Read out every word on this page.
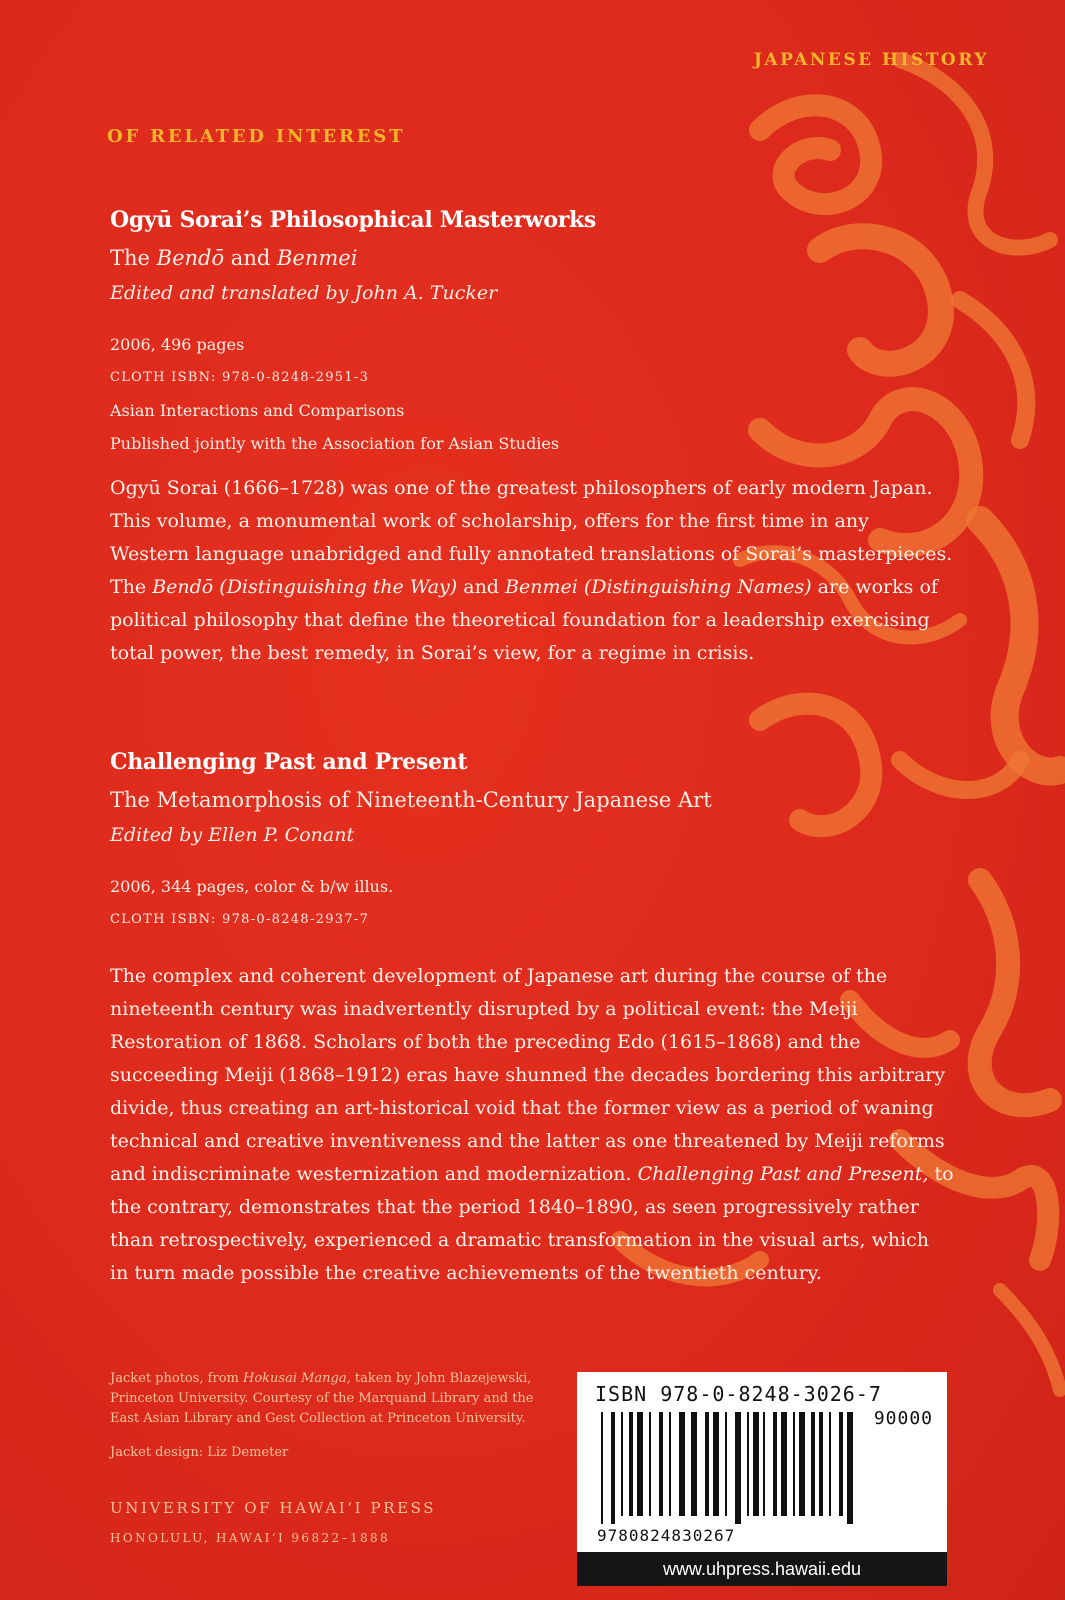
JAPANESE HISTORY
OF RELATED INTEREST

Ogyū Sorai’s Philosophical Masterworks

The Bendō and Benmei

Edited and translated by John A. Tucker

2006, 496 pages
CLOTH ISBN: 978-0-8248-2951-3
Asian Interactions and Comparisons
Published jointly with the Association for Asian Studies

Ogyū Sorai (1666–1728) was one of the greatest philosophers of early modern Japan.

This volume, a monumental work of scholarship, offers for the first time in any

Western language unabridged and fully annotated translations of Sorai’s masterpieces.

The Bendō (Distinguishing the Way) and Benmei (Distinguishing Names) are works of

political philosophy that define the theoretical foundation for a leadership exercising

total power, the best remedy, in Sorai’s view, for a regime in crisis.

Challenging Past and Present

The Metamorphosis of Nineteenth-Century Japanese Art

Edited by Ellen P. Conant

2006, 344 pages, color & b/w illus.
CLOTH ISBN: 978-0-8248-2937-7

The complex and coherent development of Japanese art during the course of the

nineteenth century was inadvertently disrupted by a political event: the Meiji

Restoration of 1868. Scholars of both the preceding Edo (1615–1868) and the

succeeding Meiji (1868–1912) eras have shunned the decades bordering this arbitrary

divide, thus creating an art-historical void that the former view as a period of waning

technical and creative inventiveness and the latter as one threatened by Meiji reforms

and indiscriminate westernization and modernization. Challenging Past and Present, to

the contrary, demonstrates that the period 1840–1890, as seen progressively rather

than retrospectively, experienced a dramatic transformation in the visual arts, which

in turn made possible the creative achievements of the twentieth century.

Jacket photos, from Hokusai Manga, taken by John Blazejewski,

Princeton University. Courtesy of the Marquand Library and the

East Asian Library and Gest Collection at Princeton University.

Jacket design: Liz Demeter

UNIVERSITY OF HAWAIʻI PRESS
HONOLULU, HAWAIʻI 96822–1888
ISBN 978-0-8248-3026-7
90000
9780824830267
www.uhpress.hawaii.edu
